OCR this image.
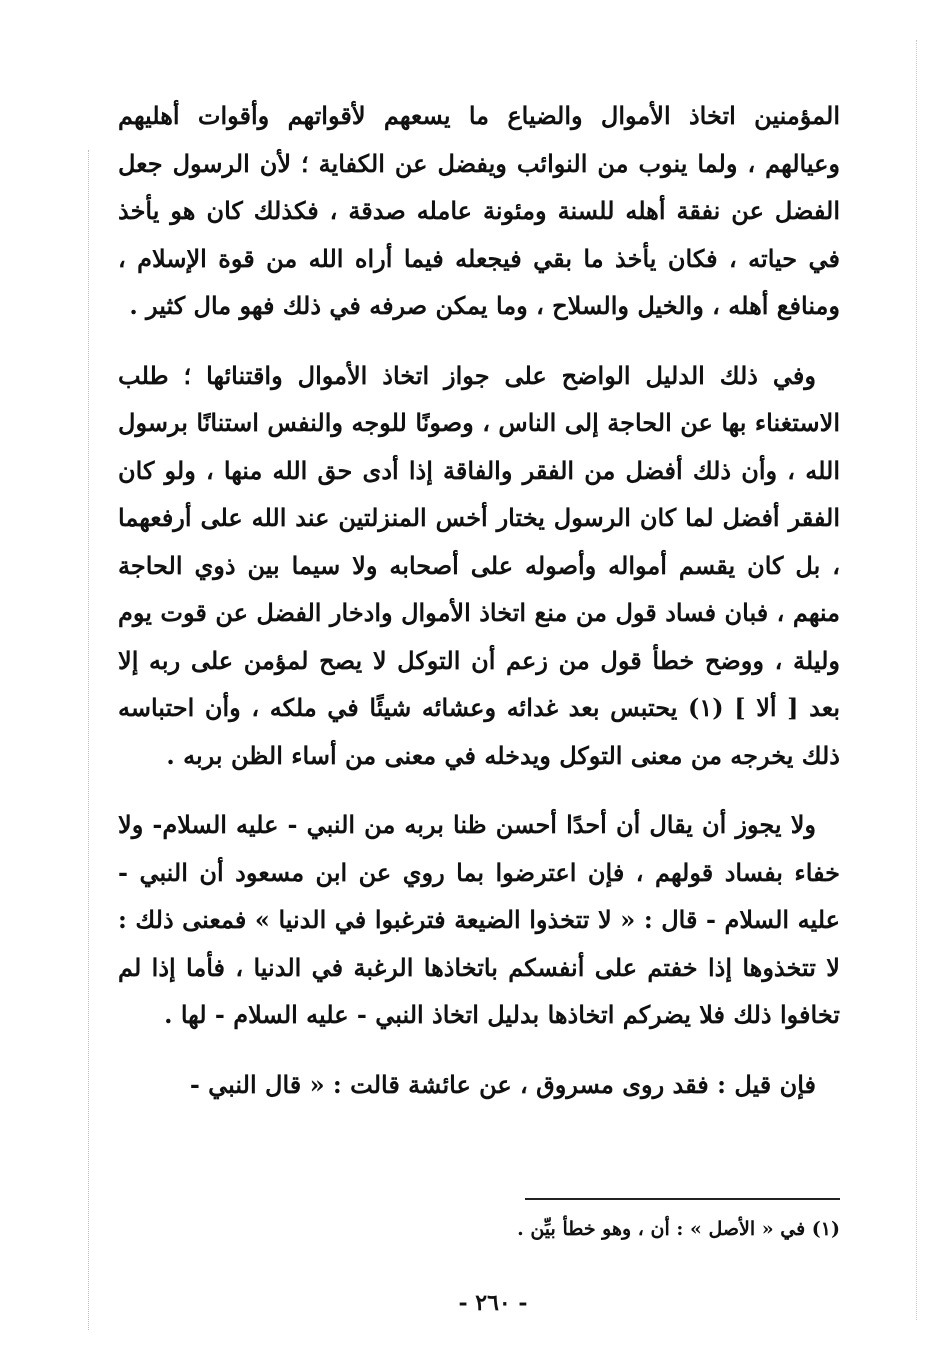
المؤمنين اتخاذ الأموال والضياع ما يسعهم لأقواتهم وأقوات أهليهم وعيالهم ، ولما ينوب من النوائب ويفضل عن الكفاية ؛ لأن الرسول جعل الفضل عن نفقة أهله للسنة ومئونة عامله صدقة ، فكذلك كان هو يأخذ في حياته ، فكان يأخذ ما بقي فيجعله فيما أراه الله من قوة الإسلام ، ومنافع أهله ، والخيل والسلاح ، وما يمكن صرفه في ذلك فهو مال كثير .

وفي ذلك الدليل الواضح على جواز اتخاذ الأموال واقتنائها ؛ طلب الاستغناء بها عن الحاجة إلى الناس ، وصونًا للوجه والنفس استنانًا برسول الله ، وأن ذلك أفضل من الفقر والفاقة إذا أدى حق الله منها ، ولو كان الفقر أفضل لما كان الرسول يختار أخس المنزلتين عند الله على أرفعهما ، بل كان يقسم أمواله وأصوله على أصحابه ولا سيما بين ذوي الحاجة منهم ، فبان فساد قول من منع اتخاذ الأموال وادخار الفضل عن قوت يوم وليلة ، ووضح خطأ قول من زعم أن التوكل لا يصح لمؤمن على ربه إلا بعد [ ألا ] (١) يحتبس بعد غدائه وعشائه شيئًا في ملكه ، وأن احتباسه ذلك يخرجه من معنى التوكل ويدخله في معنى من أساء الظن بربه .

ولا يجوز أن يقال أن أحدًا أحسن ظنا بربه من النبي - عليه السلام- ولا خفاء بفساد قولهم ، فإن اعترضوا بما روي عن ابن مسعود أن النبي - عليه السلام - قال : « لا تتخذوا الضيعة فترغبوا في الدنيا » فمعنى ذلك : لا تتخذوها إذا خفتم على أنفسكم باتخاذها الرغبة في الدنيا ، فأما إذا لم تخافوا ذلك فلا يضركم اتخاذها بدليل اتخاذ النبي - عليه السلام - لها .

فإن قيل : فقد روى مسروق ، عن عائشة قالت : « قال النبي -

(١) في « الأصل » : أن ، وهو خطأ بيِّن .
- ٢٦٠ -
